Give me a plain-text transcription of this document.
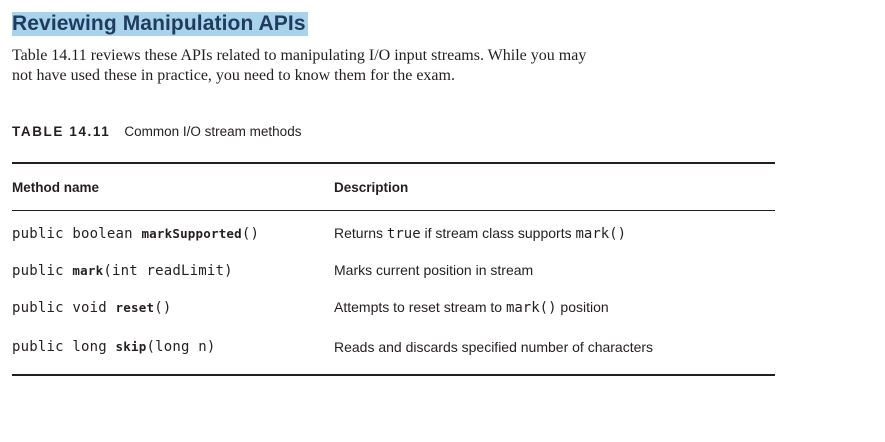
Reviewing Manipulation APIs

Table 14.11 reviews these APIs related to manipulating I/O input streams. While you may
not have used these in practice, you need to know them for the exam.

TABLE 14.11 Common I/O stream methods
Method name	Description
public boolean markSupported()	Returns true if stream class supports mark()
public mark(int readLimit)	Marks current position in stream
public void reset()	Attempts to reset stream to mark() position
public long skip(long n)	Reads and discards specified number of characters
